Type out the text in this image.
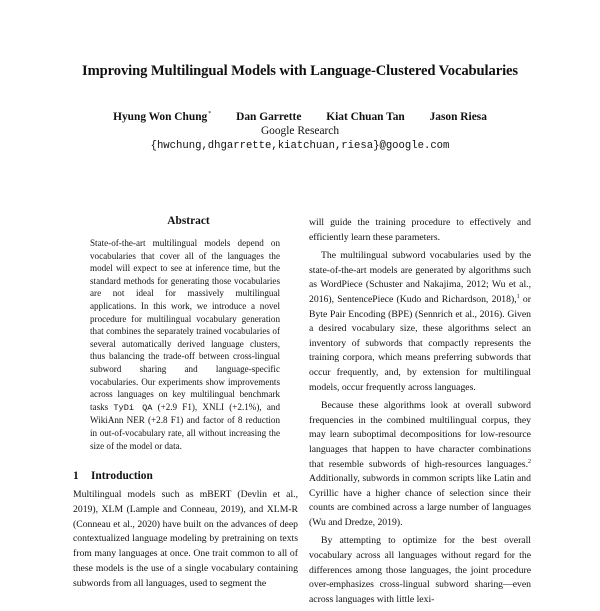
Improving Multilingual Models with Language-Clustered Vocabularies
Hyung Won Chung* Dan Garrette Kiat Chuan Tan Jason Riesa
Google Research
{hwchung,dhgarrette,kiatchuan,riesa}@google.com
Abstract
State-of-the-art multilingual models depend on vocabularies that cover all of the languages the model will expect to see at inference time, but the standard methods for generating those vocabularies are not ideal for massively multilingual applications. In this work, we introduce a novel procedure for multilingual vocabulary generation that combines the separately trained vocabularies of several automatically derived language clusters, thus balancing the trade-off between cross-lingual subword sharing and language-specific vocabularies. Our experiments show improvements across languages on key multilingual benchmark tasks TyDi QA (+2.9 F1), XNLI (+2.1%), and WikiAnn NER (+2.8 F1) and factor of 8 reduction in out-of-vocabulary rate, all without increasing the size of the model or data.
1 Introduction
Multilingual models such as mBERT (Devlin et al., 2019), XLM (Lample and Conneau, 2019), and XLM-R (Conneau et al., 2020) have built on the advances of deep contextualized language modeling by pretraining on texts from many languages at once. One trait common to all of these models is the use of a single vocabulary containing subwords from all languages, used to segment the

will guide the training procedure to effectively and efficiently learn these parameters.

The multilingual subword vocabularies used by the state-of-the-art models are generated by algorithms such as WordPiece (Schuster and Nakajima, 2012; Wu et al., 2016), SentencePiece (Kudo and Richardson, 2018),$^1$ or Byte Pair Encoding (BPE) (Sennrich et al., 2016). Given a desired vocabulary size, these algorithms select an inventory of subwords that compactly represents the training corpora, which means preferring subwords that occur frequently, and, by extension for multilingual models, occur frequently across languages.

Because these algorithms look at overall subword frequencies in the combined multilingual corpus, they may learn suboptimal decompositions for low-resource languages that happen to have character combinations that resemble subwords of high-resources languages.$^2$ Additionally, subwords in common scripts like Latin and Cyrillic have a higher chance of selection since their counts are combined across a large number of languages (Wu and Dredze, 2019).

By attempting to optimize for the best overall vocabulary across all languages without regard for the differences among those languages, the joint procedure over-emphasizes cross-lingual subword sharing—even across languages with little lexi-
